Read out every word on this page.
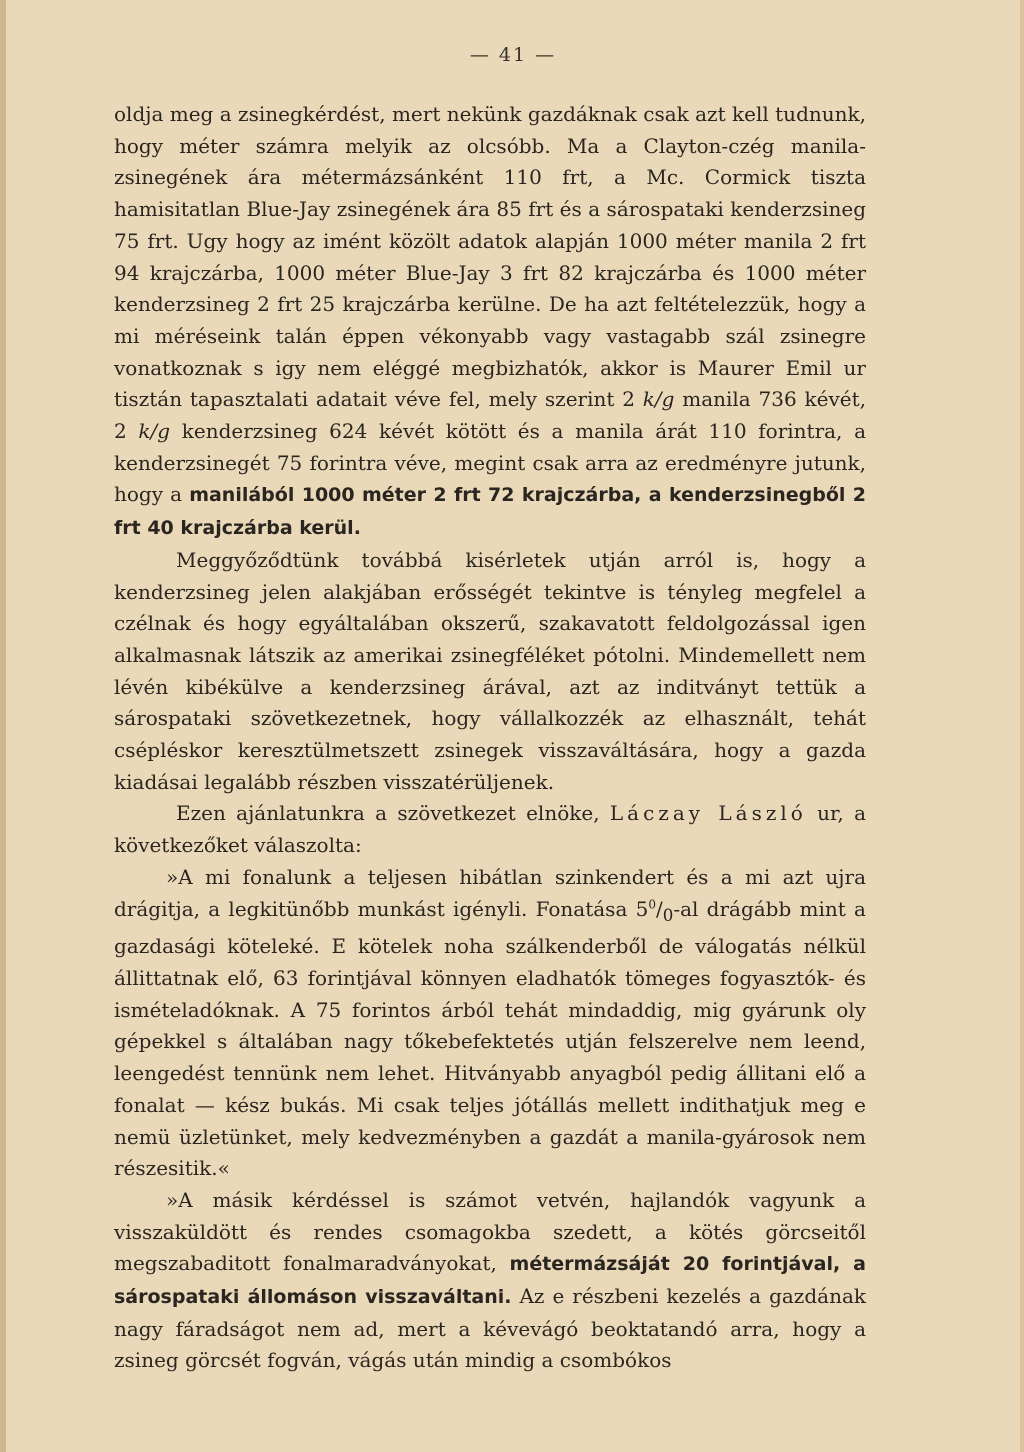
— 41 —

oldja meg a zsinegkérdést, mert nekünk gazdáknak csak azt kell tudnunk, hogy méter számra melyik az olcsóbb. Ma a Clayton-czég manila-zsinegének ára métermázsánként 110 frt, a Mc. Cormick tiszta hamisitatlan Blue-Jay zsinegének ára 85 frt és a sárospataki kenderzsineg 75 frt. Ugy hogy az imént közölt adatok alapján 1000 méter manila 2 frt 94 krajczárba, 1000 méter Blue-Jay 3 frt 82 krajczárba és 1000 méter kenderzsineg 2 frt 25 krajczárba kerülne. De ha azt feltételezzük, hogy a mi méréseink talán éppen vékonyabb vagy vastagabb szál zsinegre vonatkoznak s igy nem eléggé megbizhatók, akkor is Maurer Emil ur tisztán tapasztalati adatait véve fel, mely szerint 2 k/g manila 736 kévét, 2 k/g kenderzsineg 624 kévét kötött és a manila árát 110 forintra, a kenderzsinegét 75 forintra véve, megint csak arra az eredményre jutunk, hogy a manilából 1000 méter 2 frt 72 krajczárba, a kenderzsinegből 2 frt 40 krajczárba kerül.

Meggyőződtünk továbbá kisérletek utján arról is, hogy a kenderzsineg jelen alakjában erősségét tekintve is tényleg megfelel a czélnak és hogy egyáltalában okszerű, szakavatott feldolgozással igen alkalmasnak látszik az amerikai zsinegféléket pótolni. Mindemellett nem lévén kibékülve a kenderzsineg árával, azt az inditványt tettük a sárospataki szövetkezetnek, hogy vállalkozzék az elhasznált, tehát csépléskor keresztülmetszett zsinegek visszaváltására, hogy a gazda kiadásai legalább részben visszatérüljenek.

Ezen ajánlatunkra a szövetkezet elnöke, Láczay László ur, a következőket válaszolta:

»A mi fonalunk a teljesen hibátlan szinkendert és a mi azt ujra drágitja, a legkitünőbb munkást igényli. Fonatása $5^0/_0-al$ drágább mint a gazdasági köteleké. E kötelek noha szálkenderből de válogatás nélkül állittatnak elő, 63 forintjával könnyen eladhatók tömeges fogyasztók- és ismételadóknak. A 75 forintos árból tehát mindaddig, mig gyárunk oly gépekkel s általában nagy tőkebefektetés utján felszerelve nem leend, leengedést tennünk nem lehet. Hitványabb anyagból pedig állitani elő a fonalat — kész bukás. Mi csak teljes jótállás mellett indithatjuk meg e nemü üzletünket, mely kedvezményben a gazdát a manila-gyárosok nem részesitik.«

»A másik kérdéssel is számot vetvén, hajlandók vagyunk a visszaküldött és rendes csomagokba szedett, a kötés görcseitől megszabaditott fonalmaradványokat, métermázsáját 20 forintjával, a sárospataki állomáson visszaváltani. Az e részbeni kezelés a gazdának nagy fáradságot nem ad, mert a kévevágó beoktatandó arra, hogy a zsineg görcsét fogván, vágás után mindig a csombókos
